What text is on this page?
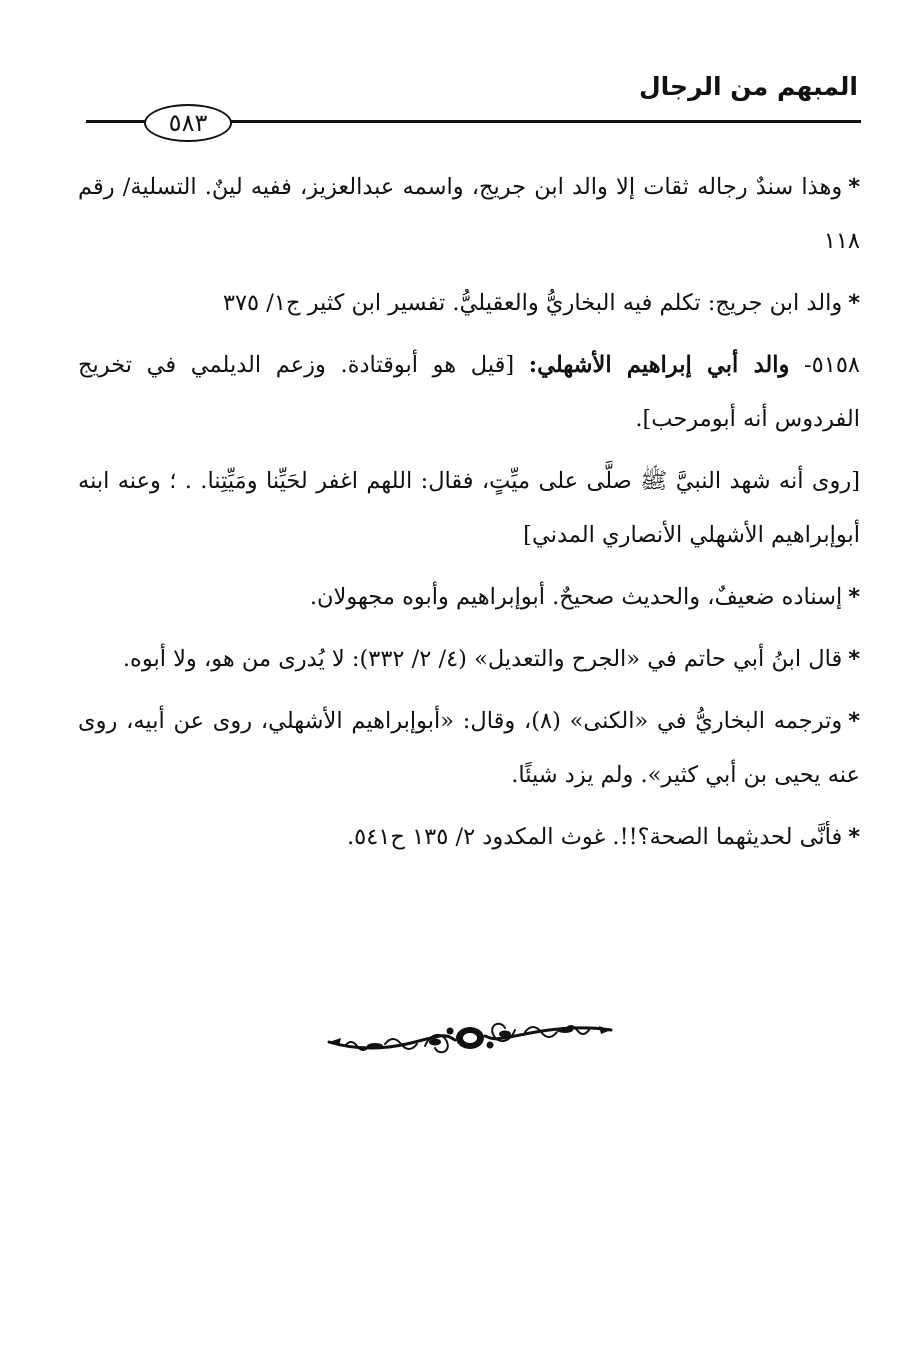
المبهم من الرجال
٥٨٣

*وهذا سندٌ رجاله ثقات إلا والد ابن جريج، واسمه عبدالعزيز، ففيه لينٌ. التسلية/ رقم ١١٨

*والد ابن جريج: تكلم فيه البخاريُّ والعقيليُّ. تفسير ابن كثير ج١/ ٣٧٥

٥١٥٨- والد أبي إبراهيم الأشهلي: [قيل هو أبوقتادة. وزعم الديلمي في تخريج الفردوس أنه أبومرحب].

[روى أنه شهد النبيَّ ﷺ صلَّى على ميِّتٍ، فقال: اللهم اغفر لحَيِّنا ومَيِّتِنا. . ؛ وعنه ابنه أبوإبراهيم الأشهلي الأنصاري المدني]

*إسناده ضعيفٌ، والحديث صحيحٌ. أبوإبراهيم وأبوه مجهولان.

*قال ابنُ أبي حاتم في «الجرح والتعديل» (٤/ ٢/ ٣٣٢): لا يُدرى من هو، ولا أبوه.

*وترجمه البخاريُّ في «الكنى» (٨)، وقال: «أبوإبراهيم الأشهلي، روى عن أبيه، روى عنه يحيى بن أبي كثير». ولم يزد شيئًا.

*فأنَّى لحديثهما الصحة؟!!. غوث المكدود ٢/ ١٣٥ ح٥٤١.
